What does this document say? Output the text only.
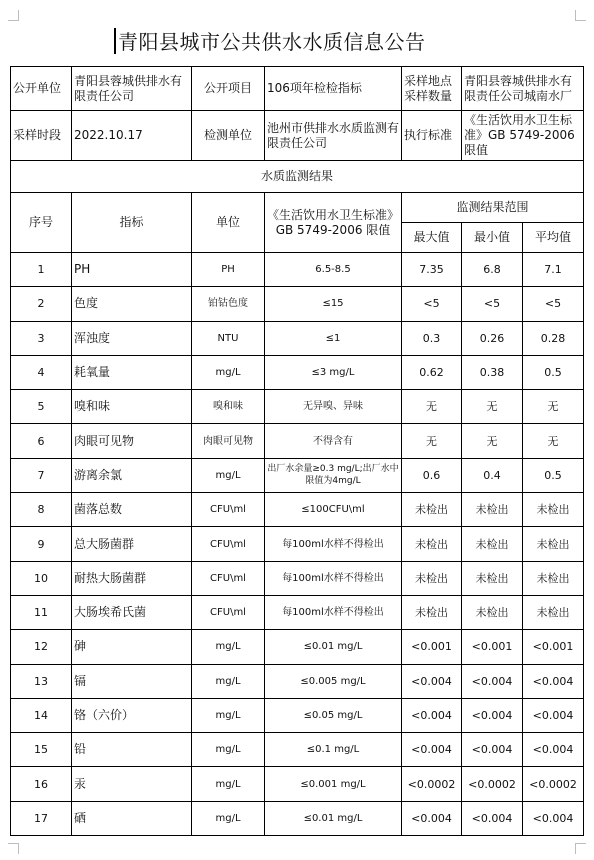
青阳县城市公共供水水质信息公告
公开单位	青阳县蓉城供排水有限责任公司	公开项目	106项年检检指标	采样地点采样数量	青阳县蓉城供排水有限责任公司城南水厂	
采样时段	2022.10.17	检测单位	池州市供排水水质监测有限责任公司	执行标准	《生活饮用水卫生标准》GB 5749-2006限值	
水质监测结果						
序号	指标	单位	《生活饮用水卫生标准》GB 5749-2006 限值	监测结果范围		
				最大值	最小值	平均值
1	PH	PH	6.5-8.5	7.35	6.8	7.1
2	色度	铂钴色度	≤15	<5	<5	<5
3	浑浊度	NTU	≤1	0.3	0.26	0.28
4	耗氧量	mg/L	≤3 mg/L	0.62	0.38	0.5
5	嗅和味	嗅和味	无异嗅、异味	无	无	无
6	肉眼可见物	肉眼可见物	不得含有	无	无	无
7	游离余氯	mg/L	出厂水余量≥0.3 mg/L;出厂水中限值为4mg/L	0.6	0.4	0.5
8	菌落总数	CFU\ml	≤100CFU\ml	未检出	未检出	未检出
9	总大肠菌群	CFU\ml	每100ml水样不得检出	未检出	未检出	未检出
10	耐热大肠菌群	CFU\ml	每100ml水样不得检出	未检出	未检出	未检出
11	大肠埃希氏菌	CFU\ml	每100ml水样不得检出	未检出	未检出	未检出
12	砷	mg/L	≤0.01 mg/L	<0.001	<0.001	<0.001
13	镉	mg/L	≤0.005 mg/L	<0.004	<0.004	<0.004
14	铬（六价）	mg/L	≤0.05 mg/L	<0.004	<0.004	<0.004
15	铅	mg/L	≤0.1 mg/L	<0.004	<0.004	<0.004
16	汞	mg/L	≤0.001 mg/L	<0.0002	<0.0002	<0.0002
17	硒	mg/L	≤0.01 mg/L	<0.004	<0.004	<0.004
